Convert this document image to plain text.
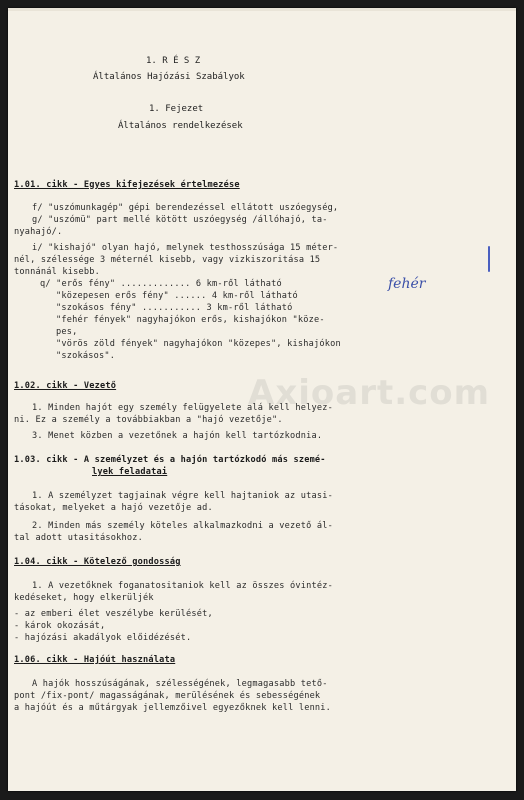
1. R É S Z
Általános Hajózási Szabályok
1. Fejezet
Általános rendelkezések
1.01. cikk - Egyes kifejezések értelmezése
f/ "uszómunkagép" gépi berendezéssel ellátott uszóegység,
g/ "uszómü" part mellé kötött uszóegység /állóhajó, ta-
nyahajó/.
i/ "kishajó" olyan hajó, melynek testhosszúsága 15 méter-
nél, szélessége 3 méternél kisebb, vagy vizkiszoritása 15
tonnánál kisebb.
q/ "erős fény" ............. 6 km-ről látható
"közepesen erős fény" ...... 4 km-ről látható
"szokásos fény" ........... 3 km-ről látható
"fehér fények" nagyhajókon erős, kishajókon "köze-
pes,
"vörös zöld fények" nagyhajókon "közepes", kishajókon
"szokásos".
fehér
1.02. cikk - Vezető
1. Minden hajót egy személy felügyelete alá kell helyez-
ni. Ez a személy a továbbiakban a "hajó vezetője".
3. Menet közben a vezetőnek a hajón kell tartózkodnia.
1.03. cikk - A személyzet és a hajón tartózkodó más szemé-
lyek feladatai
1. A személyzet tagjainak végre kell hajtaniok az utasi-
tásokat, melyeket a hajó vezetője ad.
2. Minden más személy köteles alkalmazkodni a vezető ál-
tal adott utasitásokhoz.
1.04. cikk - Kötelező gondosság
1. A vezetőknek foganatositaniok kell az összes óvintéz-
kedéseket, hogy elkerüljék
- az emberi élet veszélybe kerülését,
- károk okozását,
- hajózási akadályok előidézését.
1.06. cikk - Hajóút használata
A hajók hosszúságának, szélességének, legmagasabb tető-
pont /fix-pont/ magasságának, merülésének és sebességének
a hajóút és a műtárgyak jellemzőivel egyezőknek kell lenni.
Axioart.com
